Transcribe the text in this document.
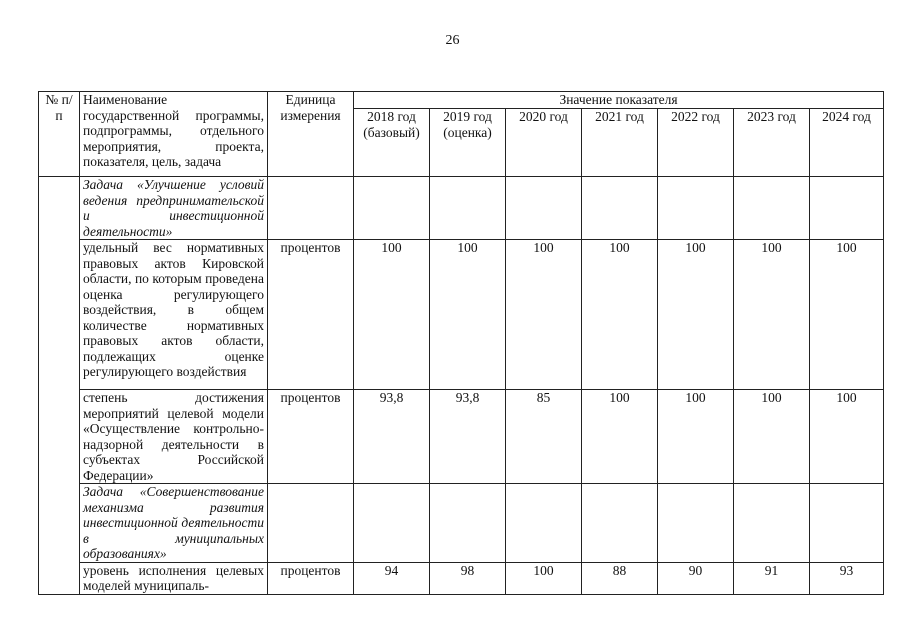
26
№ п/п	Наименование государственной программы, подпрограммы, отдельного мероприятия, проекта, показателя, цель, задача	Единица измерения	Значение показателя						
			2018 год (базовый)	2019 год (оценка)	2020 год	2021 год	2022 год	2023 год	2024 год
	Задача «Улучшение условий ведения предпринимательской и инвестиционной деятельности»								
	удельный вес нормативных правовых актов Кировской области, по которым проведена оценка регулирующего воздействия, в общем количестве нормативных правовых актов области, подлежащих оценке регулирующего воздействия	процентов	100	100	100	100	100	100	100
	степень достижения мероприятий целевой модели «Осуществление контрольно-надзорной деятельности в субъектах Российской Федерации»	процентов	93,8	93,8	85	100	100	100	100
	Задача «Совершенствование механизма развития инвестиционной деятельности в муниципальных образованиях»								
	уровень исполнения целевых моделей муниципаль-	процентов	94	98	100	88	90	91	93
